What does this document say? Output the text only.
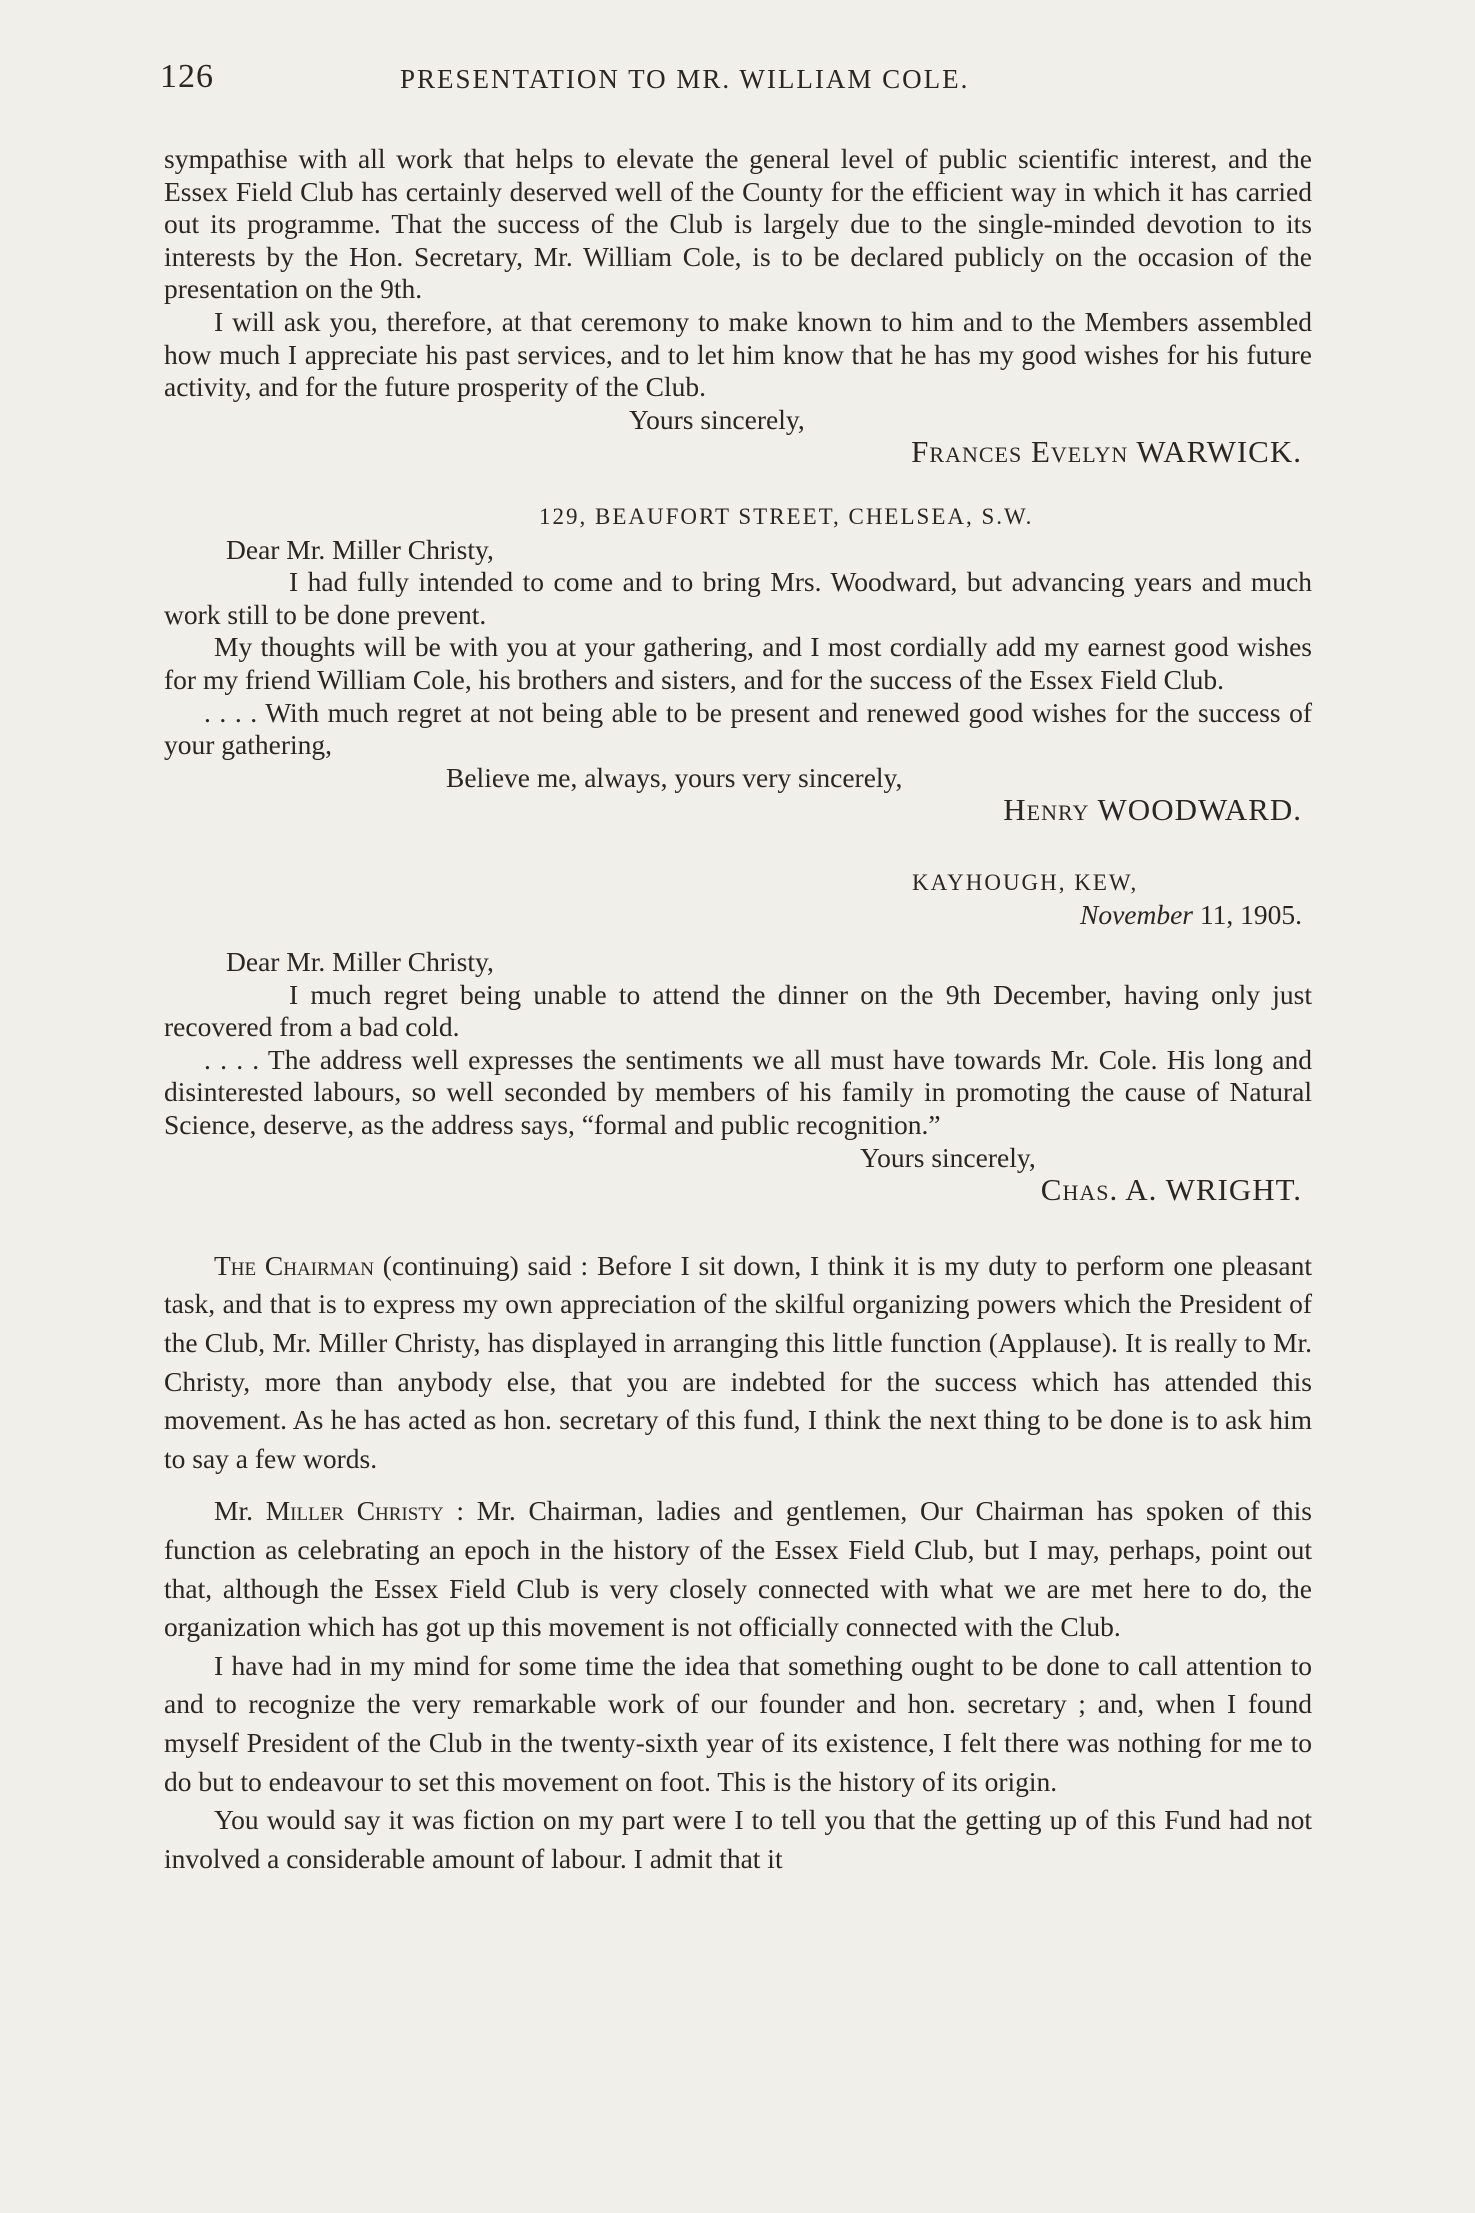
126	PRESENTATION TO MR. WILLIAM COLE.

sympathise with all work that helps to elevate the general level of public scientific interest, and the Essex Field Club has certainly deserved well of the County for the efficient way in which it has carried out its programme. That the success of the Club is largely due to the single-minded devotion to its interests by the Hon. Secretary, Mr. William Cole, is to be declared publicly on the occasion of the presentation on the 9th.

I will ask you, therefore, at that ceremony to make known to him and to the Members assembled how much I appreciate his past services, and to let him know that he has my good wishes for his future activity, and for the future prosperity of the Club.

Yours sincerely,

Frances Evelyn WARWICK.

129, BEAUFORT STREET, CHELSEA, S.W.

Dear Mr. Miller Christy,

I had fully intended to come and to bring Mrs. Woodward, but advancing years and much work still to be done prevent.

My thoughts will be with you at your gathering, and I most cordially add my earnest good wishes for my friend William Cole, his brothers and sisters, and for the success of the Essex Field Club.

. . . . With much regret at not being able to be present and renewed good wishes for the success of your gathering,

Believe me, always, yours very sincerely,

Henry WOODWARD.

KAYHOUGH, KEW,

November 11, 1905.

Dear Mr. Miller Christy,

I much regret being unable to attend the dinner on the 9th December, having only just recovered from a bad cold.

. . . . The address well expresses the sentiments we all must have towards Mr. Cole. His long and disinterested labours, so well seconded by members of his family in promoting the cause of Natural Science, deserve, as the address says, “formal and public recognition.”

Yours sincerely,

Chas. A. WRIGHT.

The Chairman (continuing) said : Before I sit down, I think it is my duty to perform one pleasant task, and that is to express my own appreciation of the skilful organizing powers which the President of the Club, Mr. Miller Christy, has displayed in arranging this little function (Applause). It is really to Mr. Christy, more than anybody else, that you are indebted for the success which has attended this movement. As he has acted as hon. secretary of this fund, I think the next thing to be done is to ask him to say a few words.

Mr. Miller Christy : Mr. Chairman, ladies and gentlemen, Our Chairman has spoken of this function as celebrating an epoch in the history of the Essex Field Club, but I may, perhaps, point out that, although the Essex Field Club is very closely connected with what we are met here to do, the organization which has got up this movement is not officially connected with the Club.

I have had in my mind for some time the idea that something ought to be done to call attention to and to recognize the very remarkable work of our founder and hon. secretary ; and, when I found myself President of the Club in the twenty-sixth year of its existence, I felt there was nothing for me to do but to endeavour to set this movement on foot. This is the history of its origin.

You would say it was fiction on my part were I to tell you that the getting up of this Fund had not involved a considerable amount of labour. I admit that it
